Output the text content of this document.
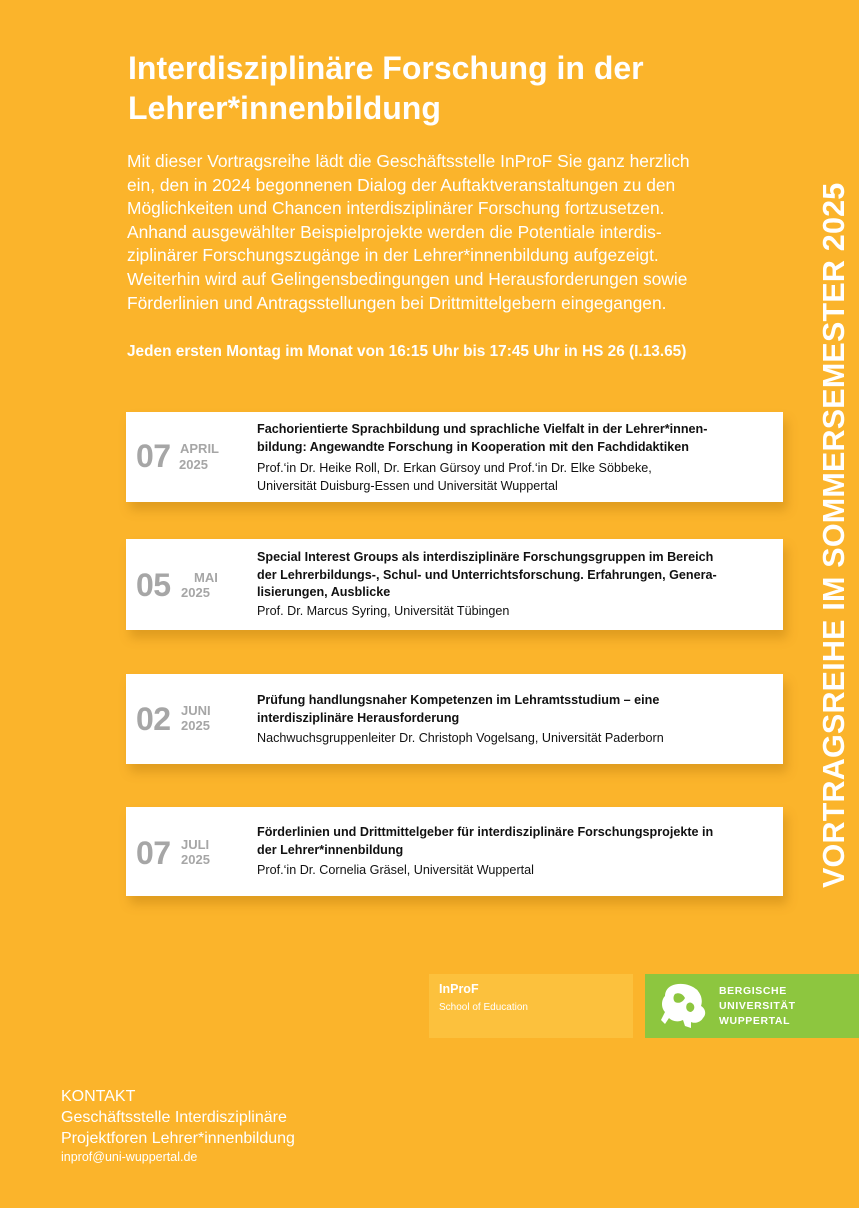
Interdisziplinäre Forschung in der
Lehrer*innenbildung
Mit dieser Vortragsreihe lädt die Geschäftsstelle InProF Sie ganz herzlich
ein, den in 2024 begonnenen Dialog der Auftaktveranstaltungen zu den
Möglichkeiten und Chancen interdisziplinärer Forschung fortzusetzen.
Anhand ausgewählter Beispielprojekte werden die Potentiale interdis-
ziplinärer Forschungszugänge in der Lehrer*innenbildung aufgezeigt.
Weiterhin wird auf Gelingensbedingungen und Herausforderungen sowie
Förderlinien und Antragsstellungen bei Drittmittelgebern eingegangen.
Jeden ersten Montag im Monat von 16:15 Uhr bis 17:45 Uhr in HS 26 (I.13.65)
07 APRIL
2025
Fachorientierte Sprachbildung und sprachliche Vielfalt in der Lehrer*innen-
bildung: Angewandte Forschung in Kooperation mit den Fachdidaktiken
Prof.‘in Dr. Heike Roll, Dr. Erkan Gürsoy und Prof.‘in Dr. Elke Söbbeke,
Universität Duisburg-Essen und Universität Wuppertal
05 MAI
2025
Special Interest Groups als interdisziplinäre Forschungsgruppen im Bereich
der Lehrerbildungs-, Schul- und Unterrichtsforschung. Erfahrungen, Genera-
lisierungen, Ausblicke
Prof. Dr. Marcus Syring, Universität Tübingen
02 JUNI
2025
Prüfung handlungsnaher Kompetenzen im Lehramtsstudium – eine
interdisziplinäre Herausforderung
Nachwuchsgruppenleiter Dr. Christoph Vogelsang, Universität Paderborn
07 JULI
2025
Förderlinien und Drittmittelgeber für interdisziplinäre Forschungsprojekte in
der Lehrer*innenbildung
Prof.‘in Dr. Cornelia Gräsel, Universität Wuppertal	VORTRAGSREIHE IM SOMMERSEMESTER 2025
InProF
School of Education
BERGISCHE
UNIVERSITÄT
WUPPERTAL
KONTAKT
Geschäftsstelle Interdisziplinäre
Projektforen Lehrer*innenbildung
inprof@uni-wuppertal.de
